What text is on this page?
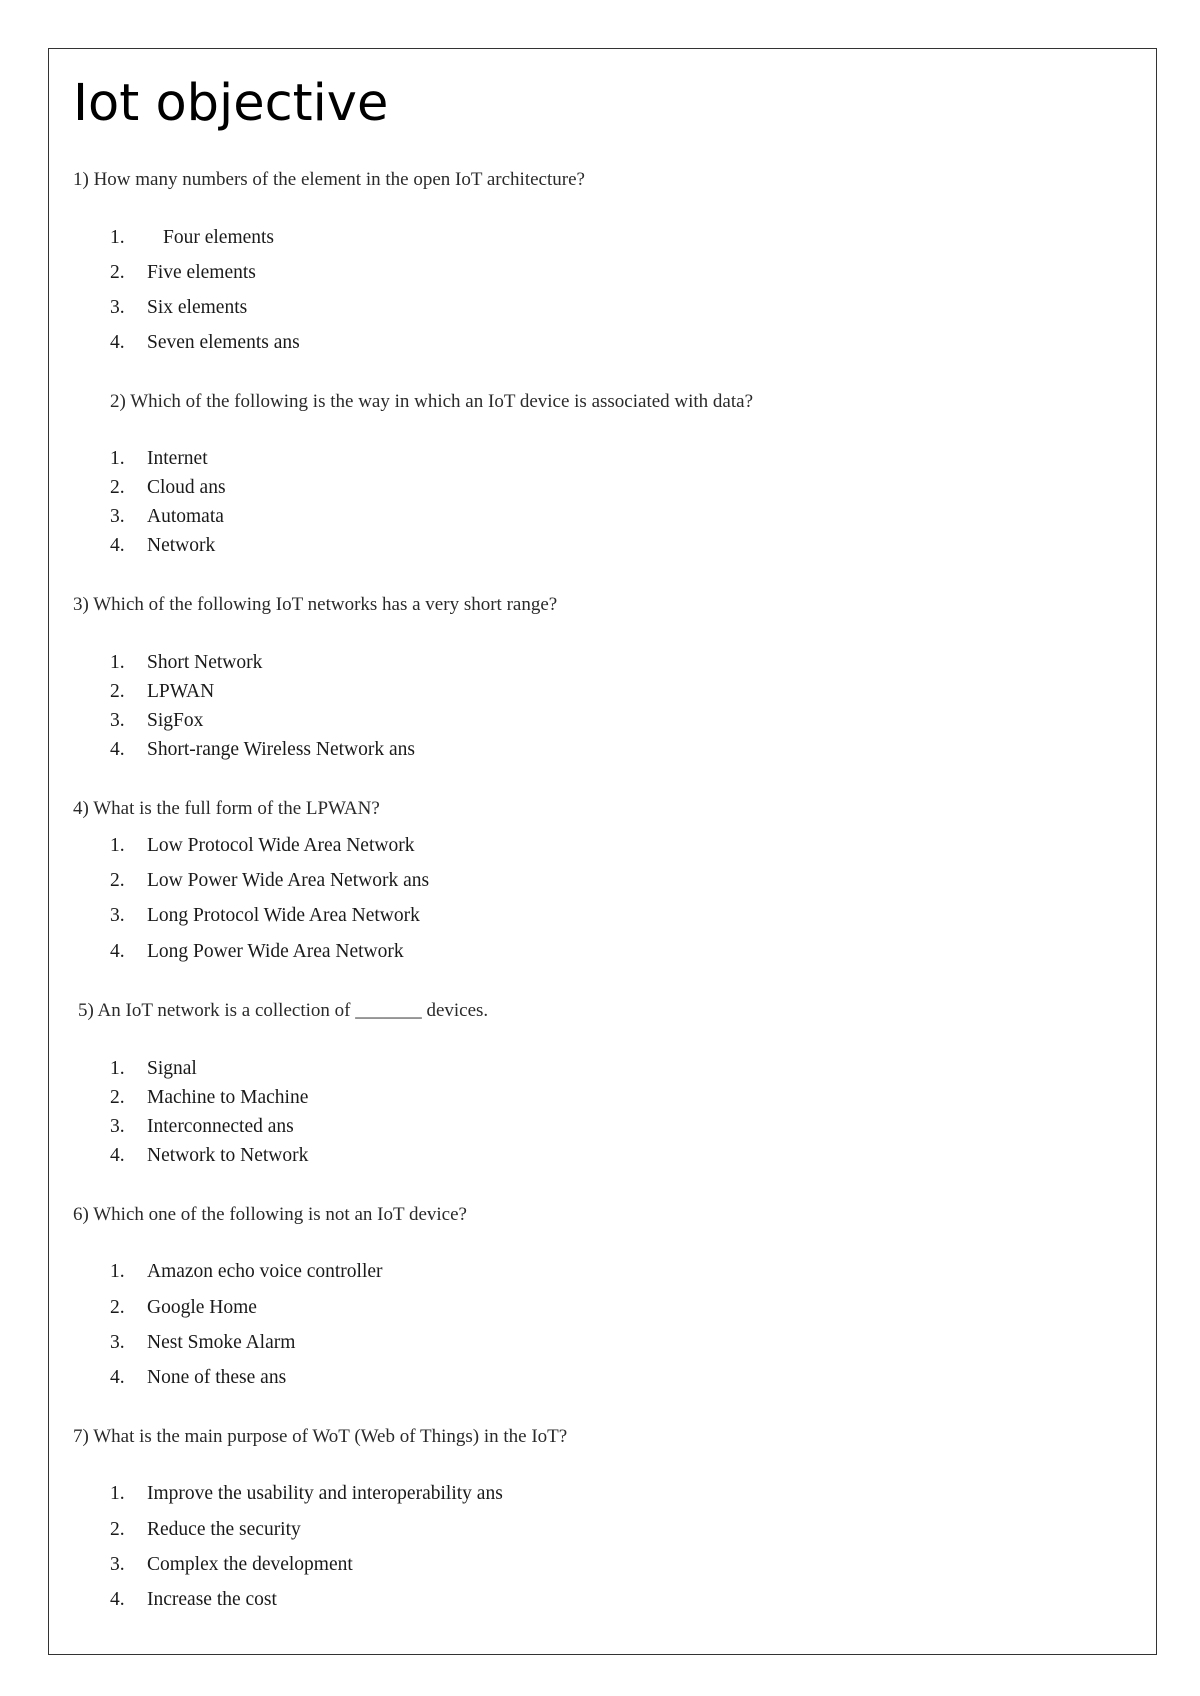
Iot objective

1) How many numbers of the element in the open IoT architecture?

1. Four elements
2. Five elements
3. Six elements
4. Seven elements ans

2) Which of the following is the way in which an IoT device is associated with data?

1. Internet
2. Cloud ans
3. Automata
4. Network

3) Which of the following IoT networks has a very short range?

1. Short Network
2. LPWAN
3. SigFox
4. Short-range Wireless Network ans

4) What is the full form of the LPWAN?

1. Low Protocol Wide Area Network
2. Low Power Wide Area Network ans
3. Long Protocol Wide Area Network
4. Long Power Wide Area Network

5) An IoT network is a collection of _______ devices.

1. Signal
2. Machine to Machine
3. Interconnected ans
4. Network to Network

6) Which one of the following is not an IoT device?

1. Amazon echo voice controller
2. Google Home
3. Nest Smoke Alarm
4. None of these ans

7) What is the main purpose of WoT (Web of Things) in the IoT?

1. Improve the usability and interoperability ans
2. Reduce the security
3. Complex the development
4. Increase the cost
